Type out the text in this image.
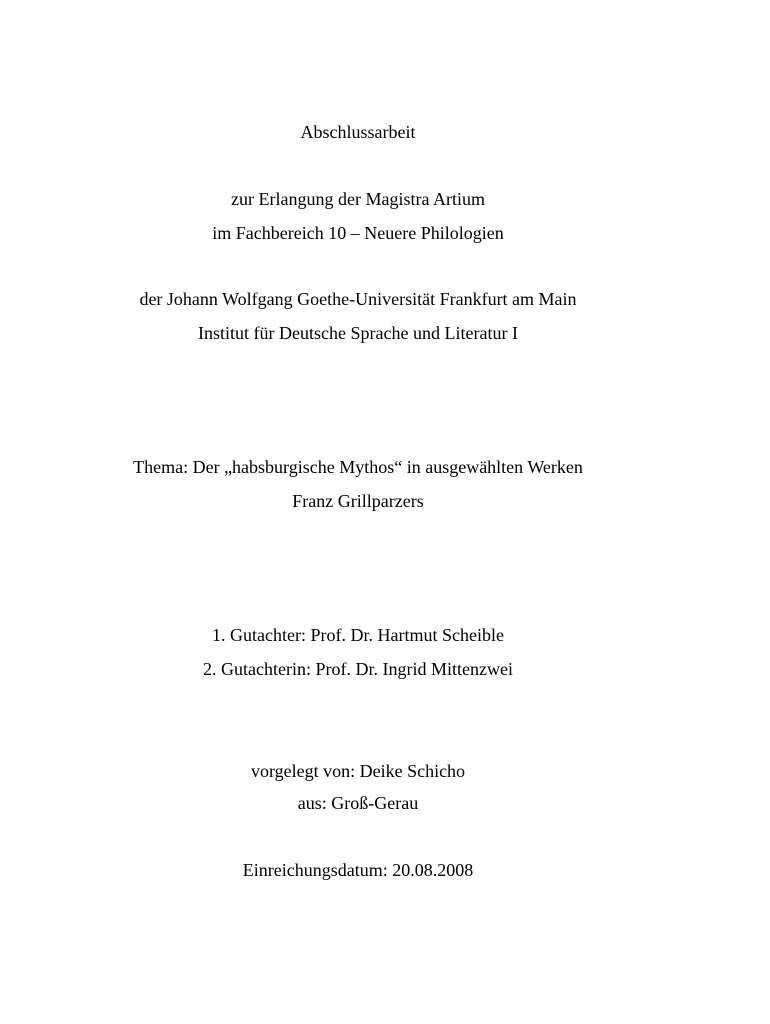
Abschlussarbeit
zur Erlangung der Magistra Artium
im Fachbereich 10 – Neuere Philologien
der Johann Wolfgang Goethe-Universität Frankfurt am Main
Institut für Deutsche Sprache und Literatur I
Thema: Der „habsburgische Mythos“ in ausgewählten Werken
Franz Grillparzers
1. Gutachter: Prof. Dr. Hartmut Scheible
2. Gutachterin: Prof. Dr. Ingrid Mittenzwei
vorgelegt von: Deike Schicho
aus: Groß-Gerau
Einreichungsdatum: 20.08.2008
